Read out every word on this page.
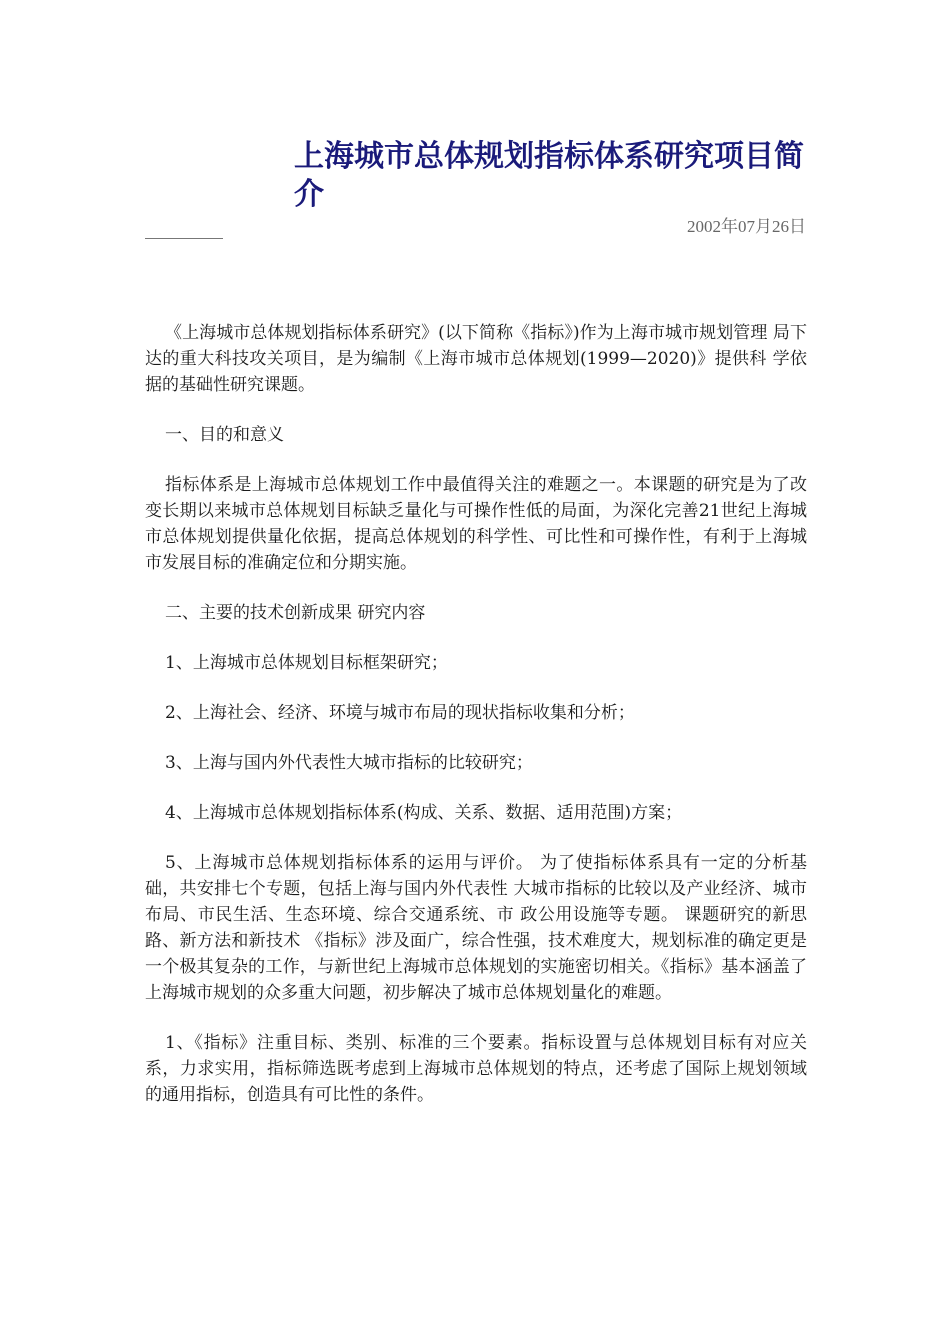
上海城市总体规划指标体系研究项目简介
2002年07月26日

《上海城市总体规划指标体系研究》(以下简称《指标》)作为上海市城市规划管理 局下达的重大科技攻关项目，是为编制《上海市城市总体规划(1999—2020)》提供科 学依据的基础性研究课题。

一、目的和意义

指标体系是上海城市总体规划工作中最值得关注的难题之一。本课题的研究是为了改变长期以来城市总体规划目标缺乏量化与可操作性低的局面，为深化完善21世纪上海城市总体规划提供量化依据，提高总体规划的科学性、可比性和可操作性，有利于上海城市发展目标的准确定位和分期实施。

二、主要的技术创新成果 研究内容

1、上海城市总体规划目标框架研究；

2、上海社会、经济、环境与城市布局的现状指标收集和分析；

3、上海与国内外代表性大城市指标的比较研究；

4、上海城市总体规划指标体系(构成、关系、数据、适用范围)方案；

5、上海城市总体规划指标体系的运用与评价。 为了使指标体系具有一定的分析基础，共安排七个专题，包括上海与国内外代表性 大城市指标的比较以及产业经济、城市布局、市民生活、生态环境、综合交通系统、市 政公用设施等专题。 课题研究的新思路、新方法和新技术 《指标》涉及面广，综合性强，技术难度大，规划标准的确定更是一个极其复杂的工作，与新世纪上海城市总体规划的实施密切相关。《指标》基本涵盖了上海城市规划的众多重大问题，初步解决了城市总体规划量化的难题。

1、《指标》注重目标、类别、标准的三个要素。指标设置与总体规划目标有对应关系，力求实用，指标筛选既考虑到上海城市总体规划的特点，还考虑了国际上规划领域的通用指标，创造具有可比性的条件。
